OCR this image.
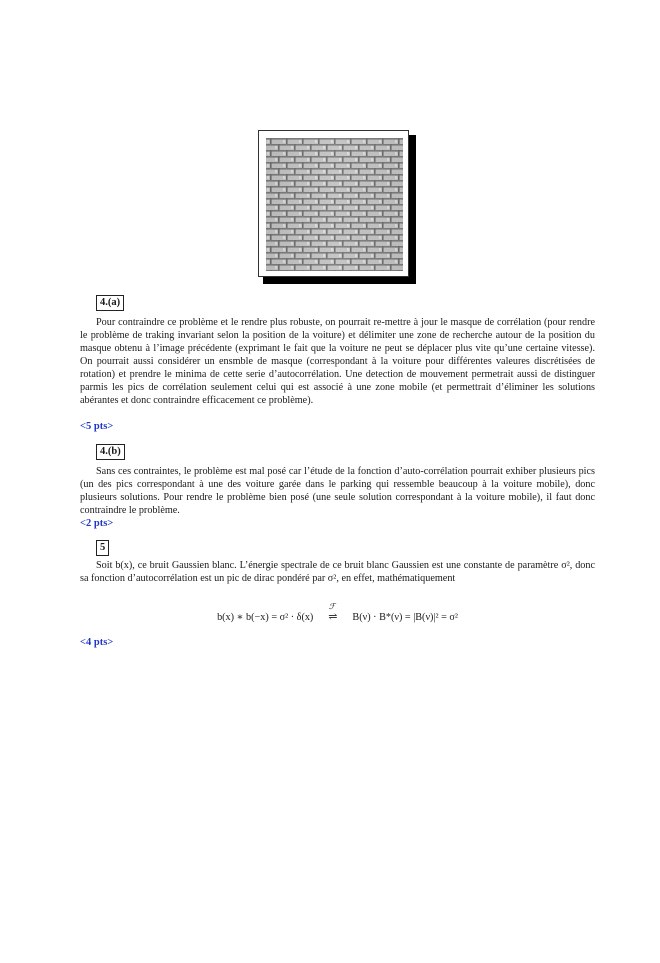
4.(a)

Pour contraindre ce problème et le rendre plus robuste, on pourrait re-mettre à jour le masque de corrélation (pour rendre le problème de traking invariant selon la position de la voiture) et délimiter une zone de recherche autour de la position du masque obtenu à l’image précédente (exprimant le fait que la voiture ne peut se déplacer plus vite qu’une certaine vitesse). On pourrait aussi considérer un ensmble de masque (correspondant à la voiture pour différentes valeures discrétisées de rotation) et prendre le minima de cette serie d’autocorrélation. Une detection de mouvement permetrait aussi de distinguer parmis les pics de corrélation seulement celui qui est associé à une zone mobile (et permettrait d’éliminer les solutions abérantes et donc contraindre efficacement ce problème).

<5 pts>
4.(b)

Sans ces contraintes, le problème est mal posé car l’étude de la fonction d’auto-corrélation pourrait exhiber plusieurs pics (un des pics correspondant à une des voiture garée dans le parking qui ressemble beaucoup à la voiture mobile), donc plusieurs solutions. Pour rendre le problème bien posé (une seule solution correspondant à la voiture mobile), il faut donc contraindre le problème.

<2 pts>
5

Soit b(x), ce bruit Gaussien blanc. L’énergie spectrale de ce bruit blanc Gaussien est une constante de paramètre σ², donc sa fonction d’autocorrélation est un pic de dirac pondéré par σ², en effet, mathématiquement

b(x) ∗ b(−x) = σ² · δ(x)
ℱ
⇌ B(ν) · B*(ν) = |B(ν)|² = σ²
<4 pts>
